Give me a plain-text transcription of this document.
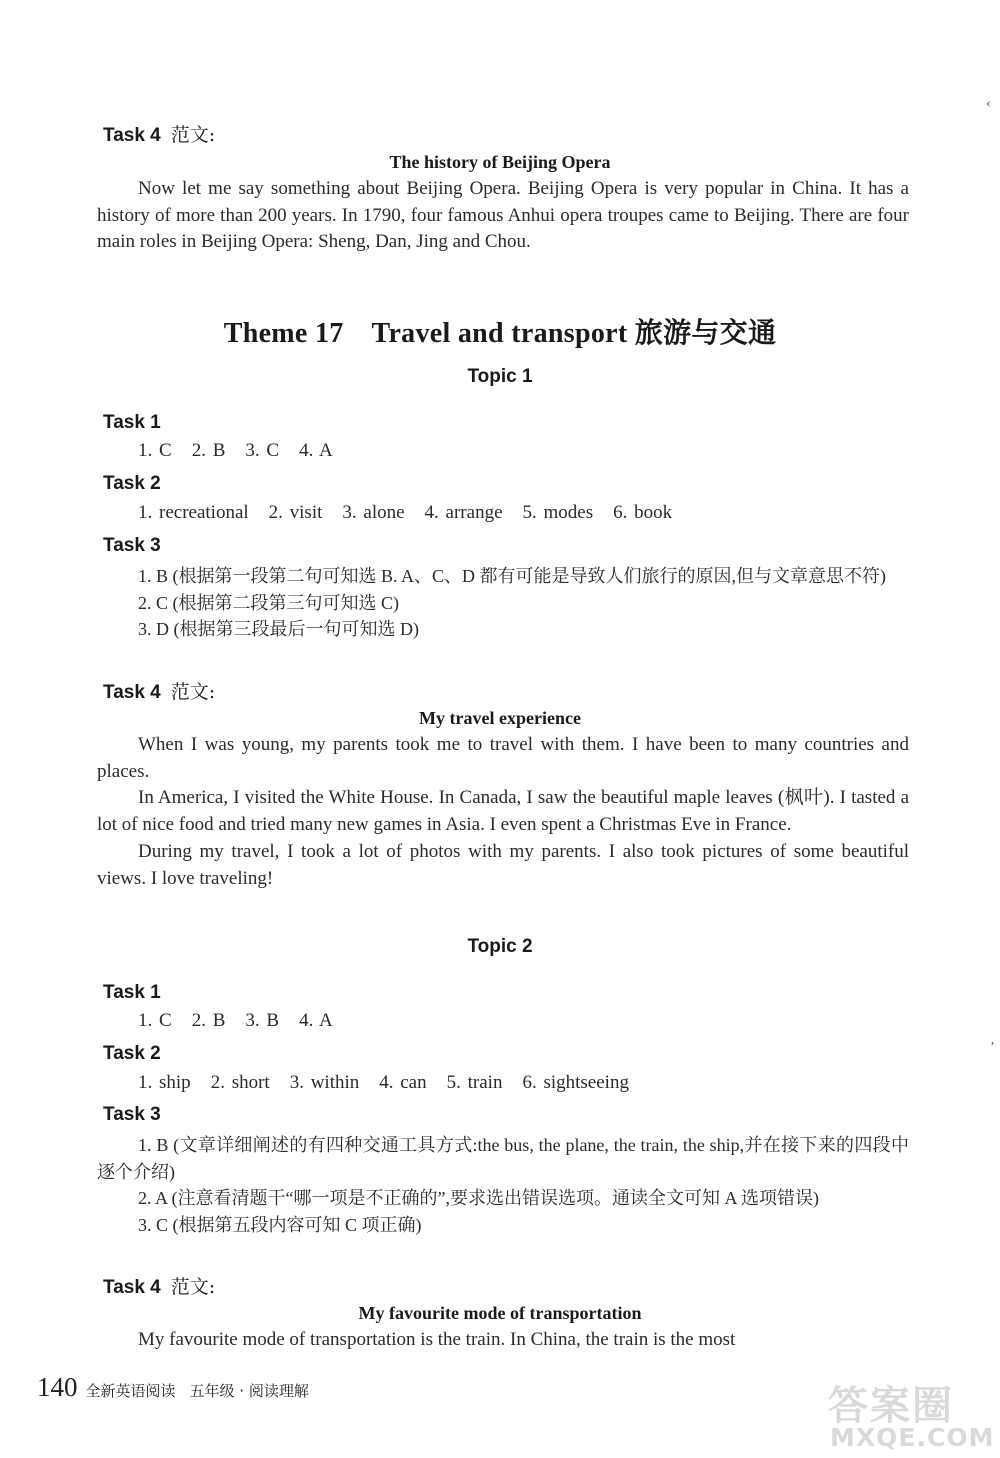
Task 4 范文:
The history of Beijing Opera

Now let me say something about Beijing Opera. Beijing Opera is very popular in China. It has a history of more than 200 years. In 1790, four famous Anhui opera troupes came to Beijing. There are four main roles in Beijing Opera: Sheng, Dan, Jing and Chou.

Theme 17 Travel and transport 旅游与交通
Topic 1
Task 1
1. C 2. B 3. C 4. A
Task 2
1. recreational 2. visit 3. alone 4. arrange 5. modes 6. book
Task 3

1. B (根据第一段第二句可知选 B. A、C、D 都有可能是导致人们旅行的原因,但与文章意思不符)

2. C (根据第二段第三句可知选 C)

3. D (根据第三段最后一句可知选 D)

Task 4 范文:
My travel experience

When I was young, my parents took me to travel with them. I have been to many countries and places.

In America, I visited the White House. In Canada, I saw the beautiful maple leaves (枫叶). I tasted a lot of nice food and tried many new games in Asia. I even spent a Christmas Eve in France.

During my travel, I took a lot of photos with my parents. I also took pictures of some beautiful views. I love traveling!

Topic 2
Task 1
1. C 2. B 3. B 4. A
Task 2
1. ship 2. short 3. within 4. can 5. train 6. sightseeing
Task 3

1. B (文章详细阐述的有四种交通工具方式:the bus, the plane, the train, the ship,并在接下来的四段中逐个介绍)

2. A (注意看清题干“哪一项是不正确的”,要求选出错误选项。通读全文可知 A 选项错误)

3. C (根据第五段内容可知 C 项正确)

Task 4 范文:
My favourite mode of transportation

My favourite mode of transportation is the train. In China, the train is the most

140 全新英语阅读 五年级 · 阅读理解	答案圈
MXQE.COM
‹
’
